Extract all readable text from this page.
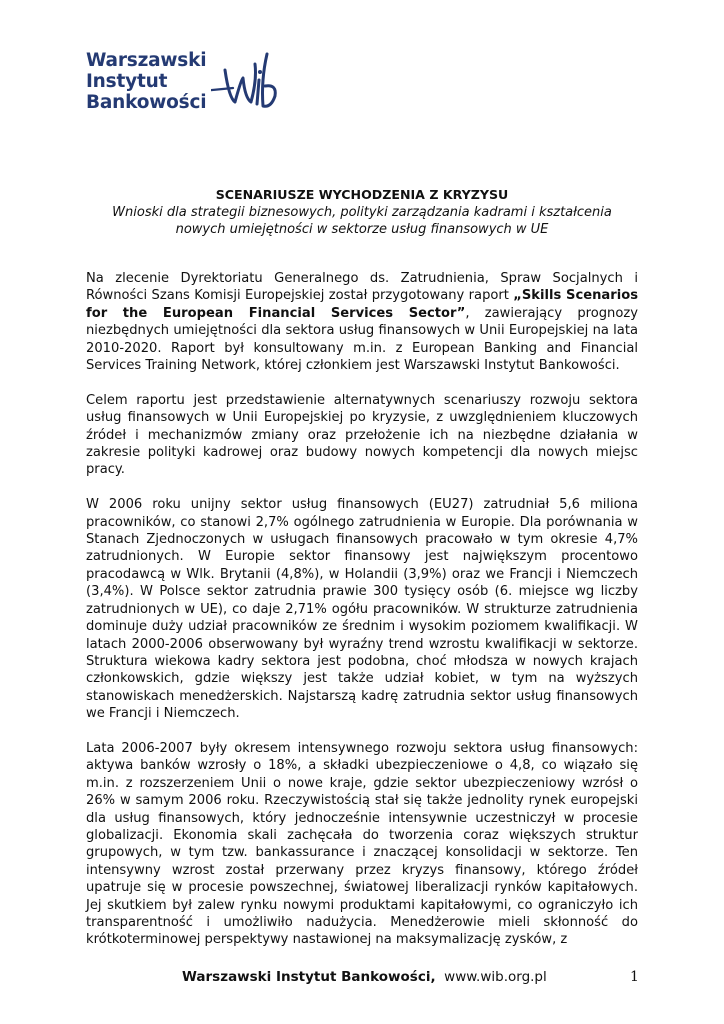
Warszawski
Instytut
Bankowości

SCENARIUSZE WYCHODZENIA Z KRYZYSU

Wnioski dla strategii biznesowych, polityki zarządzania kadrami i kształcenia

nowych umiejętności w sektorze usług finansowych w UE

Na zlecenie Dyrektoriatu Generalnego ds. Zatrudnienia, Spraw Socjalnych i Równości Szans Komisji Europejskiej został przygotowany raport „Skills Scenarios for the European Financial Services Sector”, zawierający prognozy niezbędnych umiejętności dla sektora usług finansowych w Unii Europejskiej na lata 2010-2020. Raport był konsultowany m.in. z European Banking and Financial Services Training Network, której członkiem jest Warszawski Instytut Bankowości.

Celem raportu jest przedstawienie alternatywnych scenariuszy rozwoju sektora usług finansowych w Unii Europejskiej po kryzysie, z uwzględnieniem kluczowych źródeł i mechanizmów zmiany oraz przełożenie ich na niezbędne działania w zakresie polityki kadrowej oraz budowy nowych kompetencji dla nowych miejsc pracy.

W 2006 roku unijny sektor usług finansowych (EU27) zatrudniał 5,6 miliona pracowników, co stanowi 2,7% ogólnego zatrudnienia w Europie. Dla porównania w Stanach Zjednoczonych w usługach finansowych pracowało w tym okresie 4,7% zatrudnionych. W Europie sektor finansowy jest największym procentowo pracodawcą w Wlk. Brytanii (4,8%), w Holandii (3,9%) oraz we Francji i Niemczech (3,4%). W Polsce sektor zatrudnia prawie 300 tysięcy osób (6. miejsce wg liczby zatrudnionych w UE), co daje 2,71% ogółu pracowników. W strukturze zatrudnienia dominuje duży udział pracowników ze średnim i wysokim poziomem kwalifikacji. W latach 2000-2006 obserwowany był wyraźny trend wzrostu kwalifikacji w sektorze. Struktura wiekowa kadry sektora jest podobna, choć młodsza w nowych krajach członkowskich, gdzie większy jest także udział kobiet, w tym na wyższych stanowiskach menedżerskich. Najstarszą kadrę zatrudnia sektor usług finansowych we Francji i Niemczech.

Lata 2006-2007 były okresem intensywnego rozwoju sektora usług finansowych: aktywa banków wzrosły o 18%, a składki ubezpieczeniowe o 4,8, co wiązało się m.in. z rozszerzeniem Unii o nowe kraje, gdzie sektor ubezpieczeniowy wzrósł o 26% w samym 2006 roku. Rzeczywistością stał się także jednolity rynek europejski dla usług finansowych, który jednocześnie intensywnie uczestniczył w procesie globalizacji. Ekonomia skali zachęcała do tworzenia coraz większych struktur grupowych, w tym tzw. bankassurance i znaczącej konsolidacji w sektorze. Ten intensywny wzrost został przerwany przez kryzys finansowy, którego źródeł upatruje się w procesie powszechnej, światowej liberalizacji rynków kapitałowych. Jej skutkiem był zalew rynku nowymi produktami kapitałowymi, co ograniczyło ich transparentność i umożliwiło nadużycia. Menedżerowie mieli skłonność do krótkoterminowej perspektywy nastawionej na maksymalizację zysków, z

Warszawski Instytut Bankowości, www.wib.org.pl	1
